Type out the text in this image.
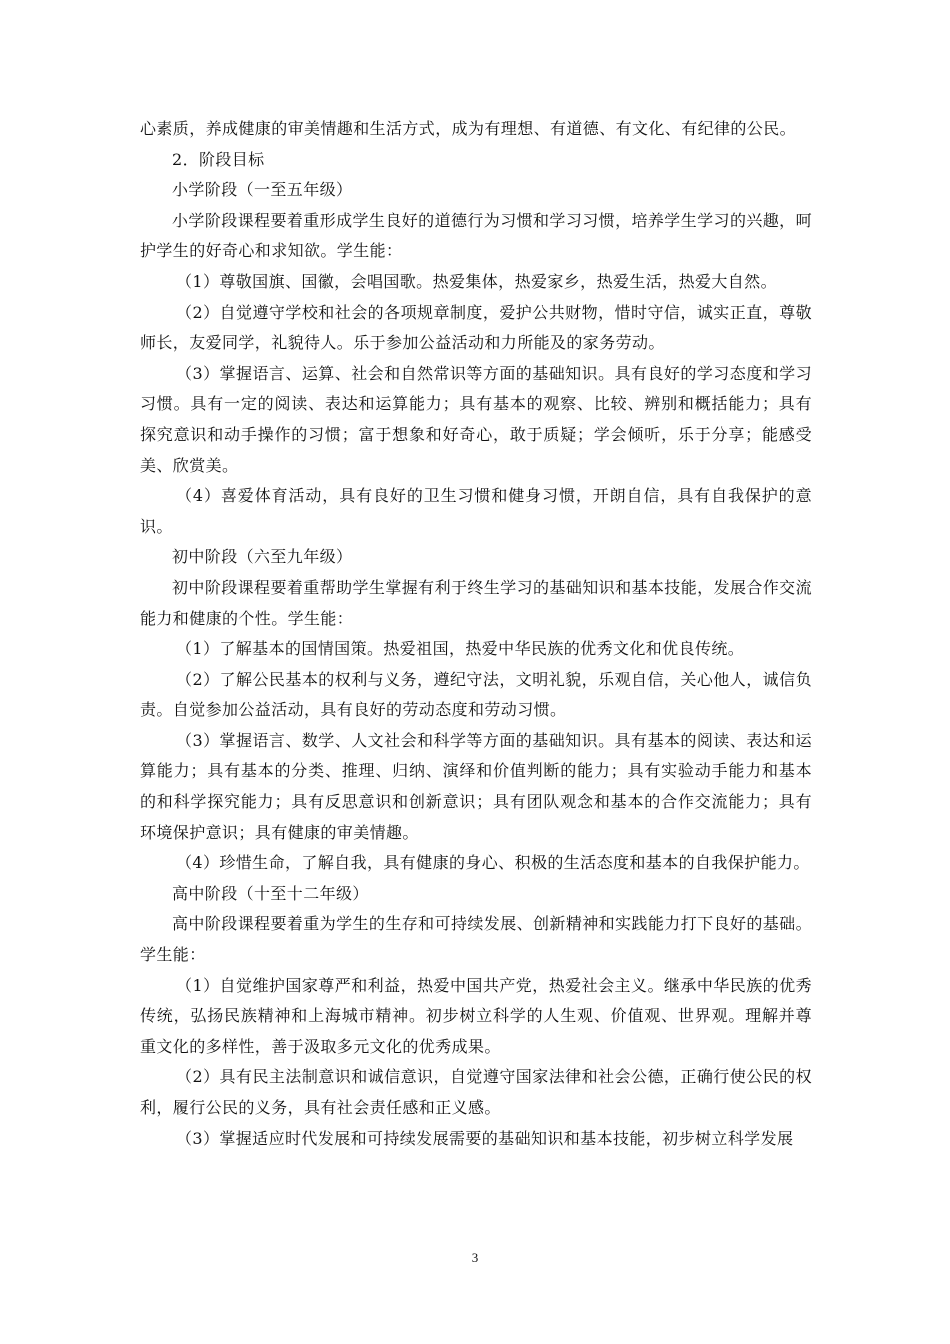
心素质，养成健康的审美情趣和生活方式，成为有理想、有道德、有文化、有纪律的公民。

2．阶段目标

小学阶段（一至五年级）

小学阶段课程要着重形成学生良好的道德行为习惯和学习习惯，培养学生学习的兴趣，呵护学生的好奇心和求知欲。学生能：

（1）尊敬国旗、国徽，会唱国歌。热爱集体，热爱家乡，热爱生活，热爱大自然。

（2）自觉遵守学校和社会的各项规章制度，爱护公共财物，惜时守信，诚实正直，尊敬师长，友爱同学，礼貌待人。乐于参加公益活动和力所能及的家务劳动。

（3）掌握语言、运算、社会和自然常识等方面的基础知识。具有良好的学习态度和学习习惯。具有一定的阅读、表达和运算能力；具有基本的观察、比较、辨别和概括能力；具有探究意识和动手操作的习惯；富于想象和好奇心，敢于质疑；学会倾听，乐于分享；能感受美、欣赏美。

（4）喜爱体育活动，具有良好的卫生习惯和健身习惯，开朗自信，具有自我保护的意识。

初中阶段（六至九年级）

初中阶段课程要着重帮助学生掌握有利于终生学习的基础知识和基本技能，发展合作交流能力和健康的个性。学生能：

（1）了解基本的国情国策。热爱祖国，热爱中华民族的优秀文化和优良传统。

（2）了解公民基本的权利与义务，遵纪守法，文明礼貌，乐观自信，关心他人，诚信负责。自觉参加公益活动，具有良好的劳动态度和劳动习惯。

（3）掌握语言、数学、人文社会和科学等方面的基础知识。具有基本的阅读、表达和运算能力；具有基本的分类、推理、归纳、演绎和价值判断的能力；具有实验动手能力和基本的和科学探究能力；具有反思意识和创新意识；具有团队观念和基本的合作交流能力；具有环境保护意识；具有健康的审美情趣。

（4）珍惜生命，了解自我，具有健康的身心、积极的生活态度和基本的自我保护能力。

高中阶段（十至十二年级）

高中阶段课程要着重为学生的生存和可持续发展、创新精神和实践能力打下良好的基础。学生能：

（1）自觉维护国家尊严和利益，热爱中国共产党，热爱社会主义。继承中华民族的优秀传统，弘扬民族精神和上海城市精神。初步树立科学的人生观、价值观、世界观。理解并尊重文化的多样性，善于汲取多元文化的优秀成果。

（2）具有民主法制意识和诚信意识，自觉遵守国家法律和社会公德，正确行使公民的权利，履行公民的义务，具有社会责任感和正义感。

（3）掌握适应时代发展和可持续发展需要的基础知识和基本技能，初步树立科学发展

3
